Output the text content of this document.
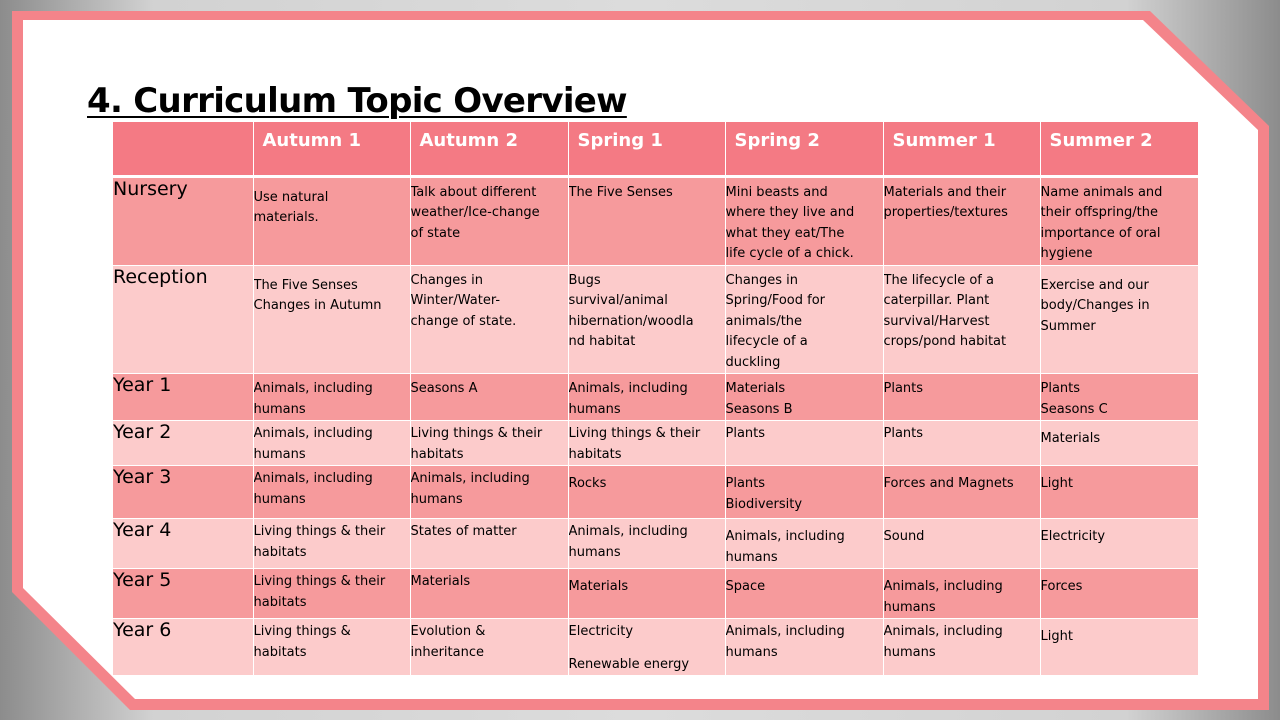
4. Curriculum Topic Overview
	Autumn 1	Autumn 2	Spring 1	Spring 2	Summer 1	Summer 2
Nursery	Use natural
materials.	Talk about different
weather/Ice-change
of state	The Five Senses	Mini beasts and
where they live and
what they eat/The
life cycle of a chick.	Materials and their
properties/textures	Name animals and
their offspring/the
importance of oral
hygiene

Reception	The Five Senses
Changes in Autumn	Changes in
Winter/Water-
change of state.	Bugs
survival/animal
hibernation/woodla
nd habitat	Changes in
Spring/Food for
animals/the
lifecycle of a
duckling	The lifecycle of a
caterpillar. Plant
survival/Harvest
crops/pond habitat	Exercise and our
body/Changes in
Summer

Year 1	Animals, including
humans	Seasons A	Animals, including
humans	Materials
Seasons B	Plants	Plants
Seasons C

Year 2	Animals, including
humans	Living things & their
habitats	Living things & their
habitats	Plants	Plants	Materials

Year 3	Animals, including
humans	Animals, including
humans	Rocks	Plants
Biodiversity	Forces and Magnets	Light

Year 4	Living things & their
habitats	States of matter	Animals, including
humans	Animals, including
humans	Sound	Electricity

Year 5	Living things & their
habitats	Materials	Materials	Space	Animals, including
humans	Forces

Year 6	Living things &
habitats	Evolution &
inheritance	Electricity
Renewable energy	Animals, including
humans	Animals, including
humans	Light
